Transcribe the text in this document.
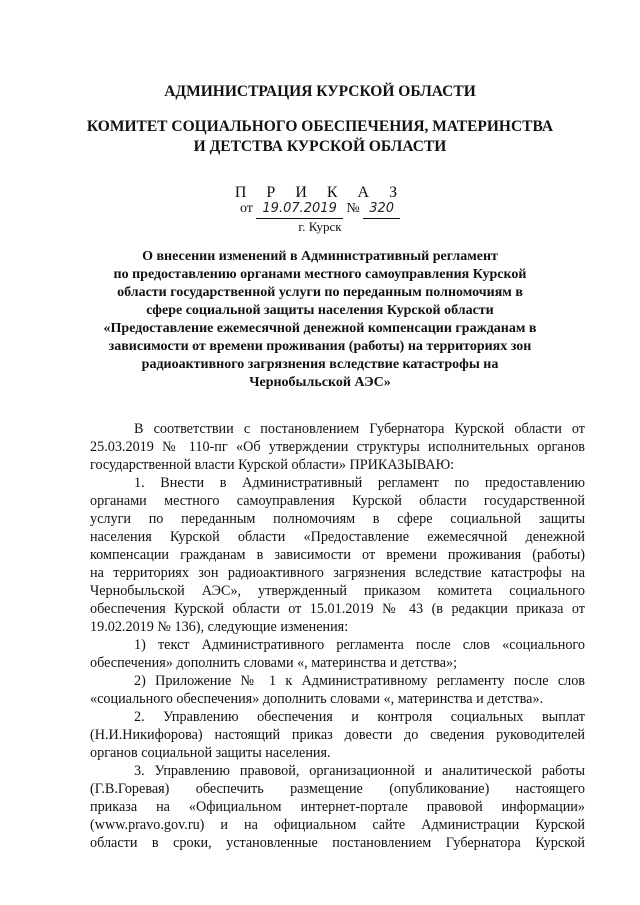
АДМИНИСТРАЦИЯ КУРСКОЙ ОБЛАСТИ
КОМИТЕТ СОЦИАЛЬНОГО ОБЕСПЕЧЕНИЯ, МАТЕРИНСТВА
И ДЕТСТВА КУРСКОЙ ОБЛАСТИ
П Р И К А З
от 19.07.2019 № 320
г. Курск
О внесении изменений в Административный регламент
по предоставлению органами местного самоуправления Курской
области государственной услуги по переданным полномочиям в
сфере социальной защиты населения Курской области
«Предоставление ежемесячной денежной компенсации гражданам в
зависимости от времени проживания (работы) на территориях зон
радиоактивного загрязнения вследствие катастрофы на
Чернобыльской АЭС»
В соответствии с постановлением Губернатора Курской области от
25.03.2019 № 110-пг «Об утверждении структуры исполнительных органов
государственной власти Курской области» ПРИКАЗЫВАЮ:
1. Внести в Административный регламент по предоставлению
органами местного самоуправления Курской области государственной
услуги по переданным полномочиям в сфере социальной защиты
населения Курской области «Предоставление ежемесячной денежной
компенсации гражданам в зависимости от времени проживания (работы)
на территориях зон радиоактивного загрязнения вследствие катастрофы на
Чернобыльской АЭС», утвержденный приказом комитета социального
обеспечения Курской области от 15.01.2019 № 43 (в редакции приказа от
19.02.2019 № 136), следующие изменения:
1) текст Административного регламента после слов «социального
обеспечения» дополнить словами «, материнства и детства»;
2) Приложение № 1 к Административному регламенту после слов
«социального обеспечения» дополнить словами «, материнства и детства».
2. Управлению обеспечения и контроля социальных выплат
(Н.И.Никифорова) настоящий приказ довести до сведения руководителей
органов социальной защиты населения.
3. Управлению правовой, организационной и аналитической работы
(Г.В.Горевая) обеспечить размещение (опубликование) настоящего
приказа на «Официальном интернет-портале правовой информации»
(www.pravo.gov.ru) и на официальном сайте Администрации Курской
области в сроки, установленные постановлением Губернатора Курской
